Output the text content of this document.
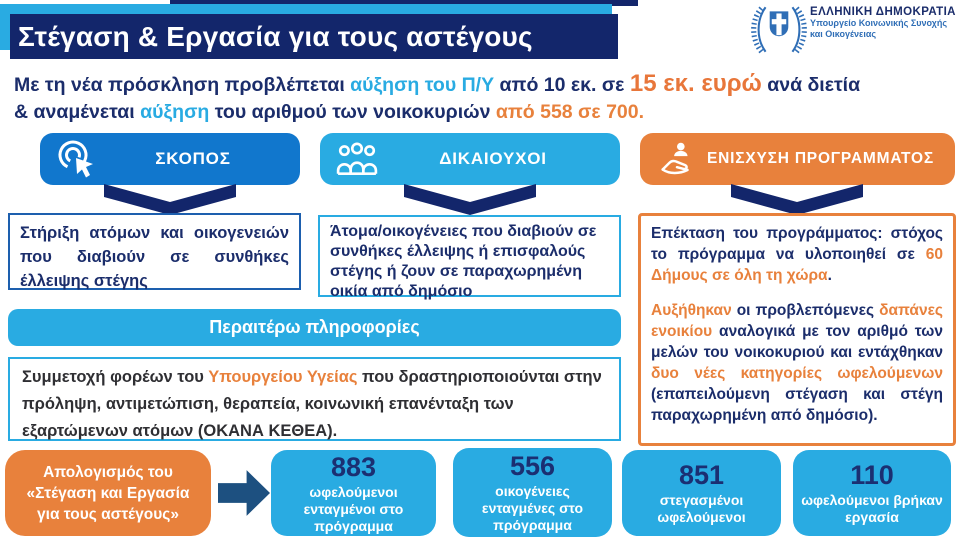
Στέγαση & Εργασία για τους αστέγους
ΕΛΛΗΝΙΚΗ ΔΗΜΟΚΡΑΤΙΑ
Υπουργείο Κοινωνικής Συνοχής
και Οικογένειας
Με τη νέα πρόσκληση προβλέπεται αύξηση του Π/Υ από 10 εκ. σε 15 εκ. ευρώ ανά διετία
& αναμένεται αύξηση του αριθμού των νοικοκυριών από 558 σε 700.
ΣΚΟΠΟΣ	ΔΙΚΑΙΟΥΧΟΙ	ΕΝΙΣΧΥΣΗ ΠΡΟΓΡΑΜΜΑΤΟΣ
Στήριξη ατόμων και οικογενειών που διαβιούν σε συνθήκες έλλειψης στέγης
Άτομα/οικογένειες που διαβιούν σε συνθήκες έλλειψης ή επισφαλούς στέγης ή ζουν σε παραχωρημένη οικία από δημόσιο

Επέκταση του προγράμματος: στόχος το πρόγραμμα να υλοποιηθεί σε 60 Δήμους σε όλη τη χώρα.

Αυξήθηκαν οι προβλεπόμενες δαπάνες ενοικίου αναλογικά με τον αριθμό των μελών του νοικοκυριού και εντάχθηκαν δυο νέες κατηγορίες ωφελούμενων (επαπειλούμενη στέγαση και στέγη παραχωρημένη από δημόσιο).

Περαιτέρω πληροφορίες
Συμμετοχή φορέων του Υπουργείου Υγείας που δραστηριοποιούνται στην πρόληψη, αντιμετώπιση, θεραπεία, κοινωνική επανένταξη των εξαρτώμενων ατόμων (ΟΚΑΝΑ ΚΕΘΕΑ).
Απολογισμός του «Στέγαση και Εργασία για τους αστέγους»
883
ωφελούμενοι ενταγμένοι στο πρόγραμμα
556
οικογένειες ενταγμένες στο πρόγραμμα
851
στεγασμένοι ωφελούμενοι
110
ωφελούμενοι βρήκαν εργασία
